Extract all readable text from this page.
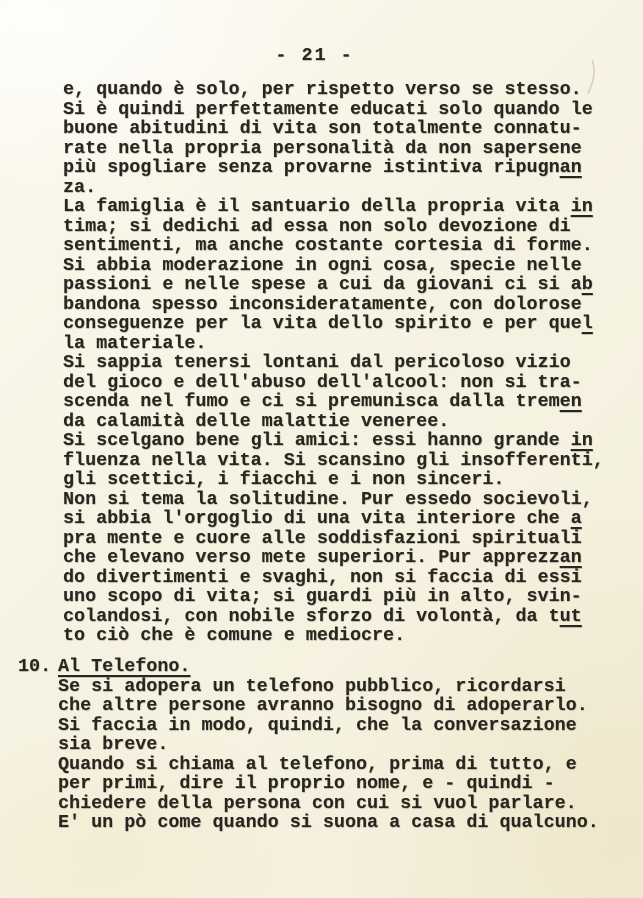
- 21 -
e, quando è solo, per rispetto verso se stesso.
Si è quindi perfettamente educati solo quando le
buone abitudini di vita son totalmente connatu-
rate nella propria personalità da non sapersene
più spogliare senza provarne istintiva ripugnan
za.
La famiglia è il santuario della propria vita in
tima; si dedichi ad essa non solo devozione di
sentimenti, ma anche costante cortesia di forme.
Si abbia moderazione in ogni cosa, specie nelle
passioni e nelle spese a cui da giovani ci si ab
bandona spesso inconsideratamente, con dolorose
conseguenze per la vita dello spirito e per quel
la materiale.
Si sappia tenersi lontani dal pericoloso vizio
del gioco e dell'abuso dell'alcool: non si tra-
scenda nel fumo e ci si premunisca dalla tremen
da calamità delle malattie veneree.
Si scelgano bene gli amici: essi hanno grande in
fluenza nella vita. Si scansino gli insofferenti,
gli scettici, i fiacchi e i non sinceri.
Non si tema la solitudine. Pur essedo socievoli,
si abbia l'orgoglio di una vita interiore che a
pra mente e cuore alle soddisfazioni spirituali
che elevano verso mete superiori. Pur apprezzan
do divertimenti e svaghi, non si faccia di essi
uno scopo di vita; si guardi più in alto, svin-
colandosi, con nobile sforzo di volontà, da tut
to ciò che è comune e mediocre.
10. Al Telefono.
Se si adopera un telefono pubblico, ricordarsi
che altre persone avranno bisogno di adoperarlo.
Si faccia in modo, quindi, che la conversazione
sia breve.
Quando si chiama al telefono, prima di tutto, e
per primi, dire il proprio nome, e - quindi -
chiedere della persona con cui si vuol parlare.
E' un pò come quando si suona a casa di qualcuno.
